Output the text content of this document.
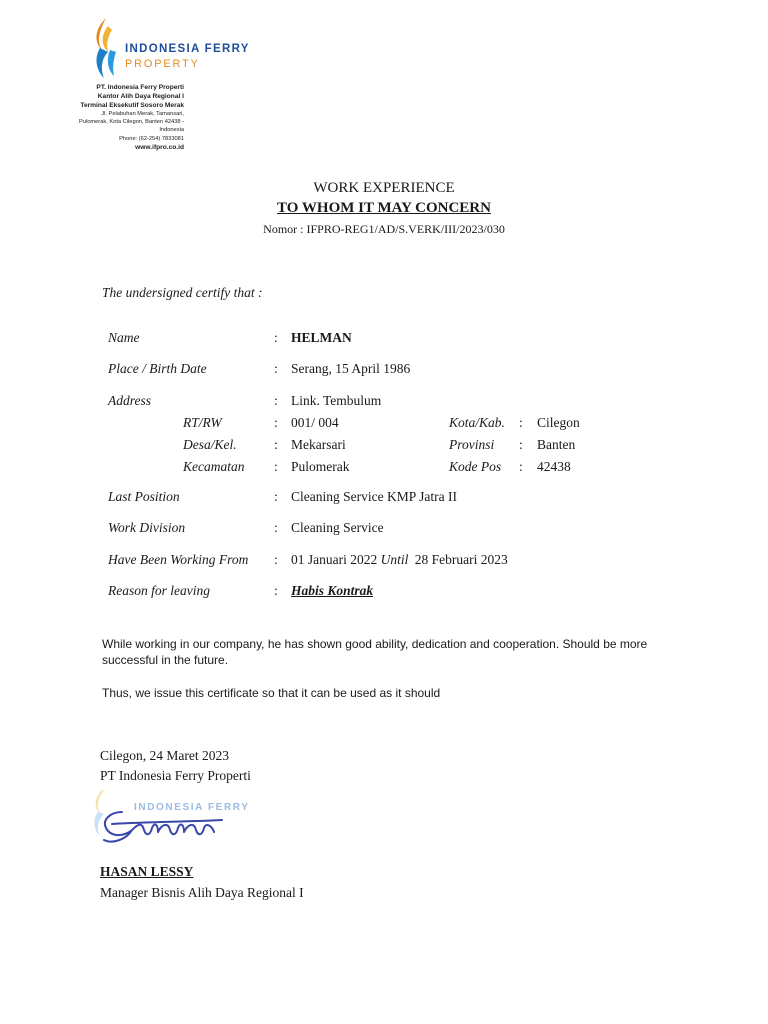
INDONESIA FERRY
PROPERTY
PT. Indonesia Ferry Properti
Kantor Alih Daya Regional I
Terminal Eksekutif Sosoro Merak
Jl. Pelabuhan Merak, Tamansari,
Pulomerak, Kota Cilegon, Banten 42438 -
Indonesia
Phone: (62-254) 7833081
www.ifpro.co.id
WORK EXPERIENCE
TO WHOM IT MAY CONCERN
Nomor : IFPRO-REG1/AD/S.VERK/III/2023/030
The undersigned certify that :
Name	: HELMAN
Place / Birth Date	: Serang, 15 April 1986
Address	: Link. Tembulum
RT/RW	: 001/ 004	Kota/Kab. : Cilegon
Desa/Kel.	: Mekarsari	Provinsi : Banten
Kecamatan : Pulomerak	Kode Pos : 42438
Last Position	: Cleaning Service KMP Jatra II
Work Division	: Cleaning Service
Have Been Working From : 01 Januari 2022 Until 28 Februari 2023
Reason for leaving	: Habis Kontrak
While working in our company, he has shown good ability, dedication and cooperation. Should be more successful in the future.
Thus, we issue this certificate so that it can be used as it should
Cilegon, 24 Maret 2023
PT Indonesia Ferry Properti
INDONESIA FERRY
HASAN LESSY
Manager Bisnis Alih Daya Regional I
